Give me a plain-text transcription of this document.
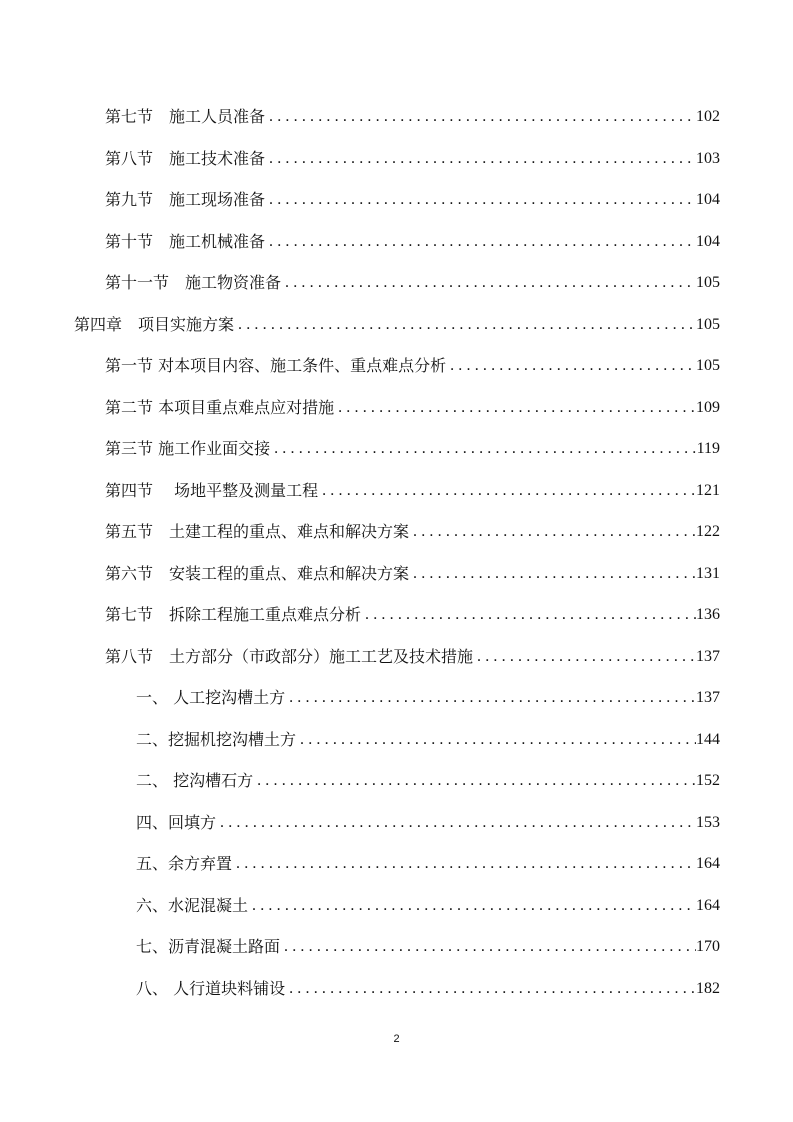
第七节　施工人员准备 .....	102
第八节　施工技术准备 .....	103
第九节　施工现场准备 .....	104
第十节　施工机械准备 .....	104
第十一节　施工物资准备 .....	105
第四章　项目实施方案 .....	105
第一节 对本项目内容、施工条件、重点难点分析 .....	105
第二节 本项目重点难点应对措施 .....	109
第三节 施工作业面交接 .....	119
第四节　 场地平整及测量工程 .....	121
第五节　土建工程的重点、难点和解决方案 .....	122
第六节　安装工程的重点、难点和解决方案 .....	131
第七节　拆除工程施工重点难点分析 .....	136
第八节　土方部分（市政部分）施工工艺及技术措施 .....	137
一、 人工挖沟槽土方 .....	137
二、挖掘机挖沟槽土方 .....	144
二、 挖沟槽石方 .....	152
四、回填方 .....	153
五、余方弃置 .....	164
六、水泥混凝土 .....	164
七、沥青混凝土路面 .....	170
八、 人行道块料铺设 .....	182
2
